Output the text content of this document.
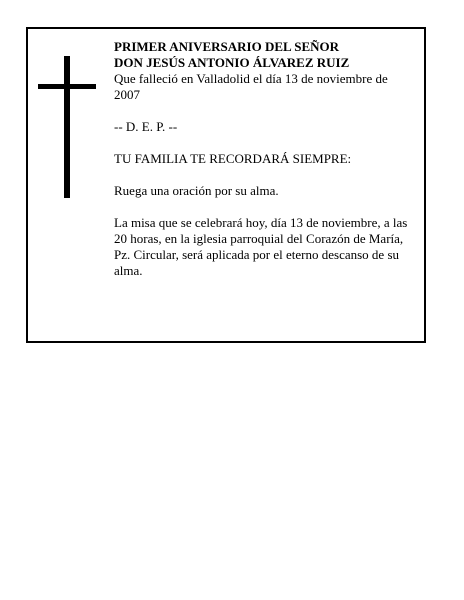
PRIMER ANIVERSARIO DEL SEÑOR

DON JESÚS ANTONIO ÁLVAREZ RUIZ

Que falleció en Valladolid el día 13 de noviembre de 2007

-- D. E. P. --

TU FAMILIA TE RECORDARÁ SIEMPRE:

Ruega una oración por su alma.

La misa que se celebrará hoy, día 13 de noviembre, a las 20 horas, en la iglesia parroquial del Corazón de María, Pz. Circular, será aplicada por el eterno descanso de su alma.
